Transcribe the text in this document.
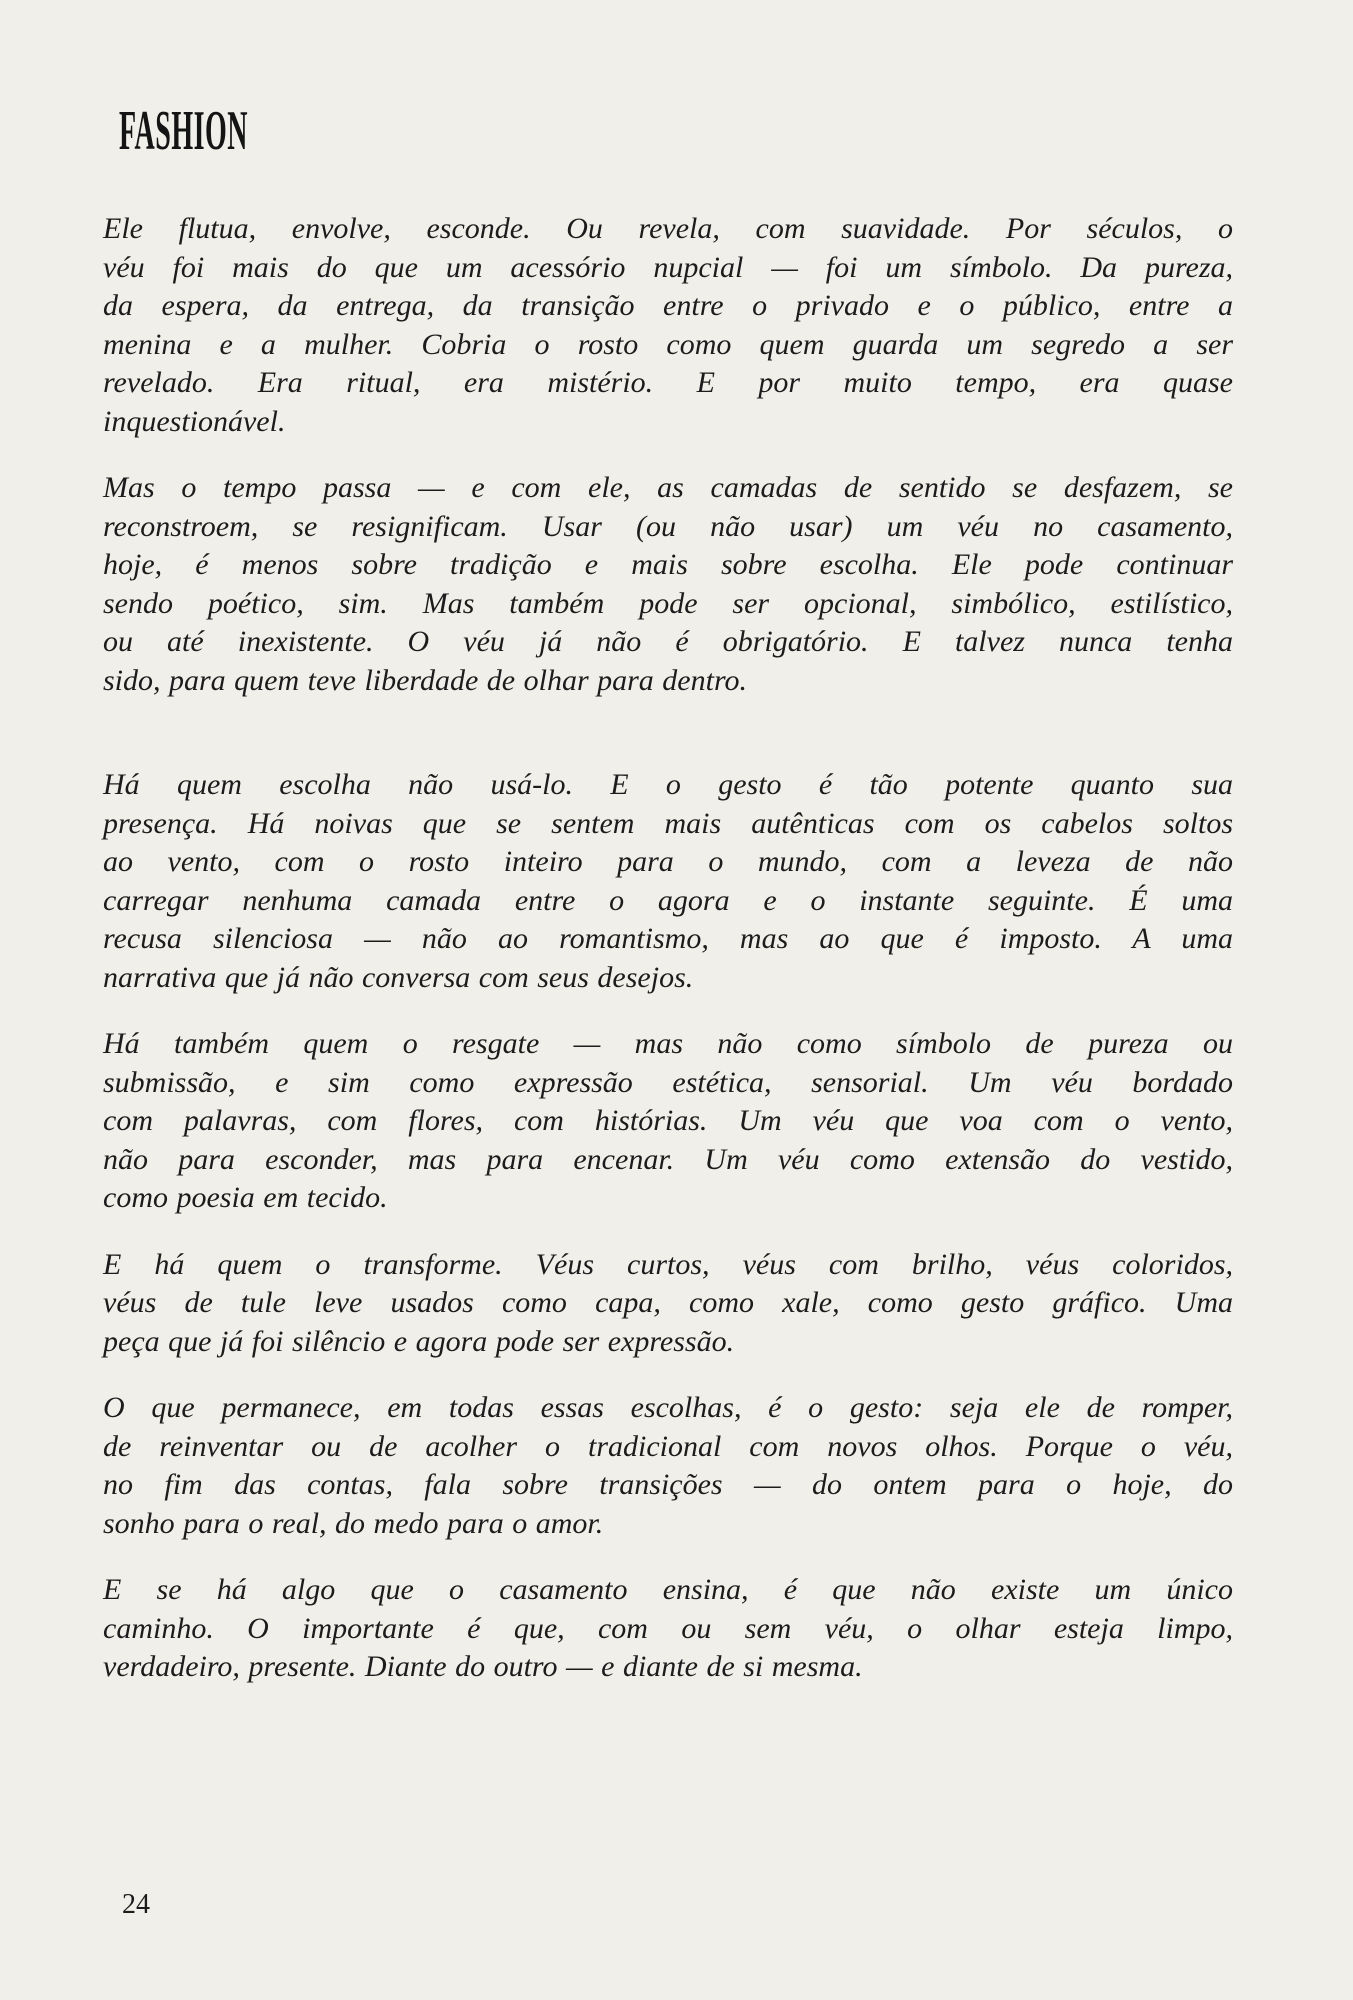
FASHION
Ele flutua, envolve, esconde. Ou revela, com suavidade. Por séculos, o
véu foi mais do que um acessório nupcial — foi um símbolo. Da pureza,
da espera, da entrega, da transição entre o privado e o público, entre a
menina e a mulher. Cobria o rosto como quem guarda um segredo a ser
revelado. Era ritual, era mistério. E por muito tempo, era quase
inquestionável.
Mas o tempo passa — e com ele, as camadas de sentido se desfazem, se
reconstroem, se resignificam. Usar (ou não usar) um véu no casamento,
hoje, é menos sobre tradição e mais sobre escolha. Ele pode continuar
sendo poético, sim. Mas também pode ser opcional, simbólico, estilístico,
ou até inexistente. O véu já não é obrigatório. E talvez nunca tenha
sido, para quem teve liberdade de olhar para dentro.
Há quem escolha não usá-lo. E o gesto é tão potente quanto sua
presença. Há noivas que se sentem mais autênticas com os cabelos soltos
ao vento, com o rosto inteiro para o mundo, com a leveza de não
carregar nenhuma camada entre o agora e o instante seguinte. É uma
recusa silenciosa — não ao romantismo, mas ao que é imposto. A uma
narrativa que já não conversa com seus desejos.
Há também quem o resgate — mas não como símbolo de pureza ou
submissão, e sim como expressão estética, sensorial. Um véu bordado
com palavras, com flores, com histórias. Um véu que voa com o vento,
não para esconder, mas para encenar. Um véu como extensão do vestido,
como poesia em tecido.
E há quem o transforme. Véus curtos, véus com brilho, véus coloridos,
véus de tule leve usados como capa, como xale, como gesto gráfico. Uma
peça que já foi silêncio e agora pode ser expressão.
O que permanece, em todas essas escolhas, é o gesto: seja ele de romper,
de reinventar ou de acolher o tradicional com novos olhos. Porque o véu,
no fim das contas, fala sobre transições — do ontem para o hoje, do
sonho para o real, do medo para o amor.
E se há algo que o casamento ensina, é que não existe um único
caminho. O importante é que, com ou sem véu, o olhar esteja limpo,
verdadeiro, presente. Diante do outro — e diante de si mesma.
24
